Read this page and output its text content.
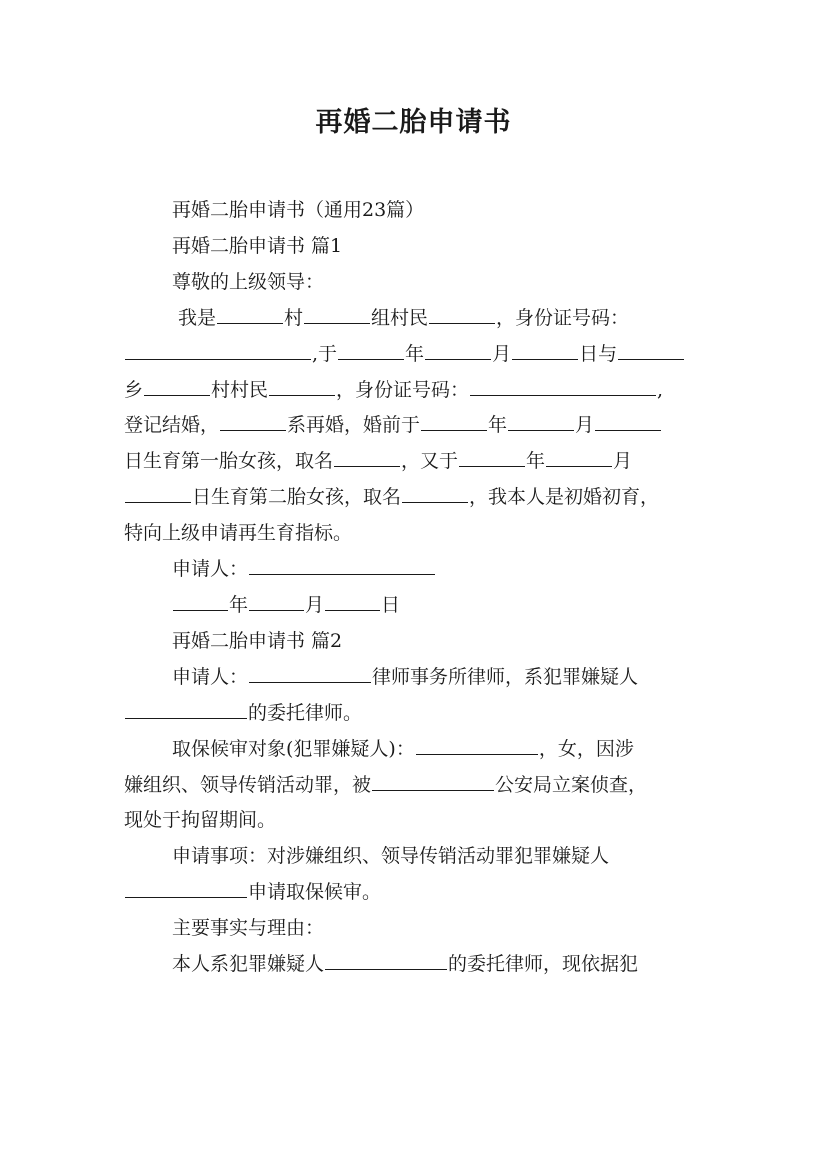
再婚二胎申请书

再婚二胎申请书（通用23篇）

再婚二胎申请书 篇1

尊敬的上级领导：

我是	村	组村民	，身份证号码：

,于	年	月	日与

乡	村村民	，身份证号码：	,

登记结婚，	系再婚，婚前于	年	月

日生育第一胎女孩，取名	，又于	年	月

日生育第二胎女孩，取名	，我本人是初婚初育，

特向上级申请再生育指标。

申请人：

年	月	日

再婚二胎申请书 篇2

申请人：	律师事务所律师，系犯罪嫌疑人

的委托律师。

取保候审对象(犯罪嫌疑人)：	，女，因涉

嫌组织、领导传销活动罪，被	公安局立案侦查，

现处于拘留期间。

申请事项：对涉嫌组织、领导传销活动罪犯罪嫌疑人

申请取保候审。

主要事实与理由：

本人系犯罪嫌疑人	的委托律师，现依据犯
